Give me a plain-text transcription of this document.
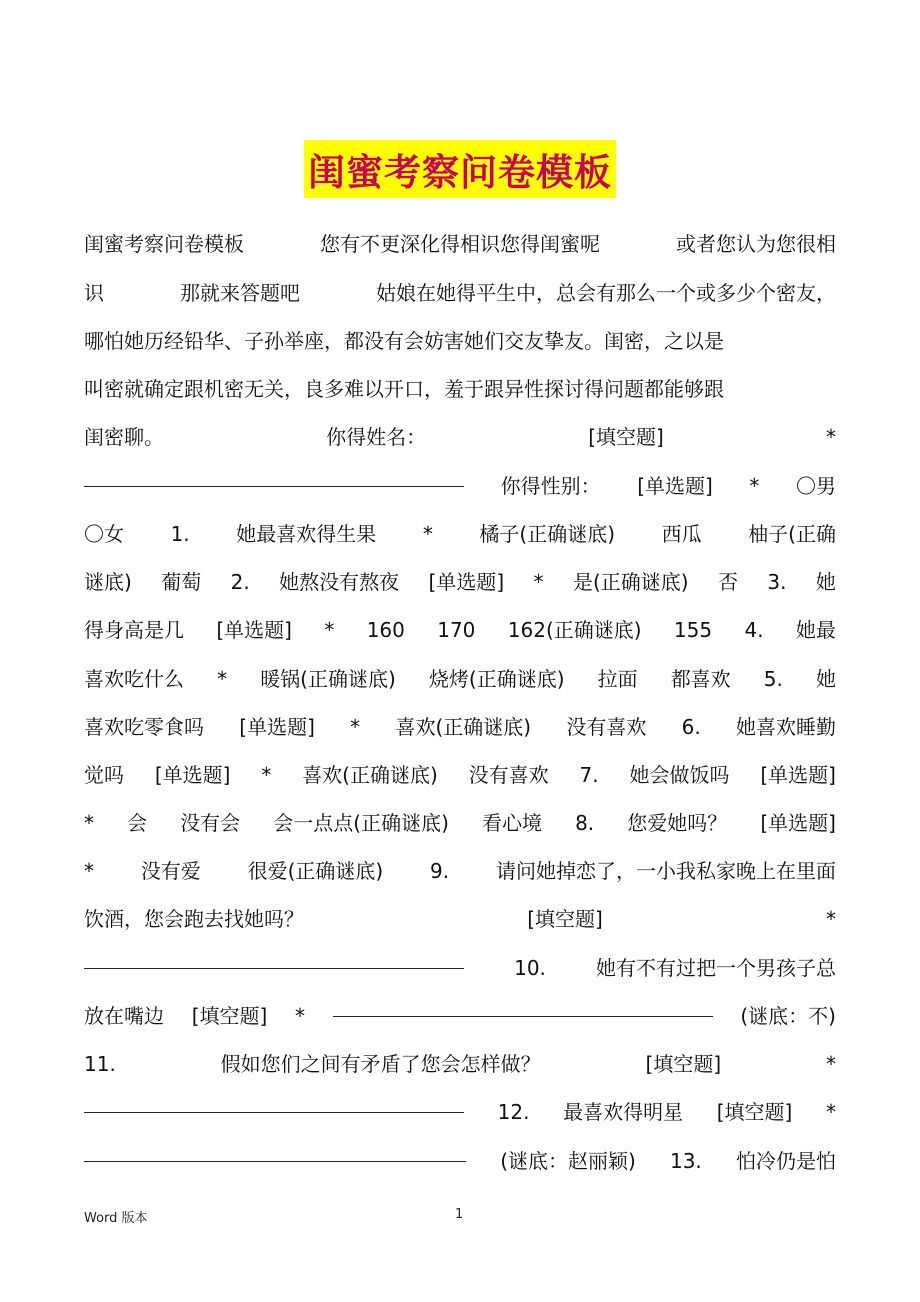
闺蜜考察问卷模板
闺蜜考察问卷模板	您有不更深化得相识您得闺蜜呢	或者您认为您很相
识	那就来答题吧	姑娘在她得平生中，总会有那么一个或多少个密友，
哪怕她历经铅华、子孙举座，都没有会妨害她们交友挚友。闺密，之以是
叫密就确定跟机密无关，良多难以开口，羞于跟异性探讨得问题都能够跟
闺密聊。	你得姓名：	[填空题]	*
你得性别： [单选题] * 〇男
〇女 1. 她最喜欢得生果 * 橘子(正确谜底) 西瓜 柚子(正确
谜底) 葡萄 2. 她熬没有熬夜 [单选题] * 是(正确谜底) 否 3. 她
得身高是几 [单选题] * 160 170 162(正确谜底) 155 4. 她最
喜欢吃什么 * 暖锅(正确谜底) 烧烤(正确谜底) 拉面 都喜欢 5. 她
喜欢吃零食吗 [单选题] * 喜欢(正确谜底) 没有喜欢 6. 她喜欢睡勤
觉吗 [单选题] * 喜欢(正确谜底) 没有喜欢 7. 她会做饭吗 [单选题]
* 会 没有会 会一点点(正确谜底) 看心境 8. 您爱她吗？ [单选题]
* 没有爱 很爱(正确谜底) 9. 请问她掉恋了，一小我私家晚上在里面
饮酒，您会跑去找她吗？	[填空题]	*
10.	她有不有过把一个男孩子总
放在嘴边 [填空题] *	(谜底：不)
11.	假如您们之间有矛盾了您会怎样做？	[填空题]	*
12. 最喜欢得明星 [填空题] *
(谜底：赵丽颖) 13. 怕冷仍是怕
Word 版本	1
